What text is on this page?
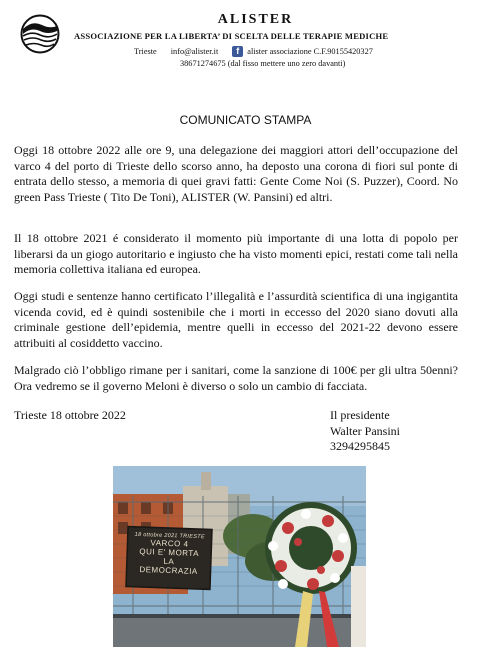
ALISTER
ASSOCIAZIONE PER LA LIBERTA’ DI SCELTA DELLE TERAPIE MEDICHE
Trieste info@alister.it	f alister associazione C.F.90155420327
38671274675 (dal fisso mettere uno zero davanti)
COMUNICATO STAMPA
Oggi 18 ottobre 2022 alle ore 9, una delegazione dei maggiori attori dell’occupazione del varco 4 del porto di Trieste dello scorso anno, ha deposto una corona di fiori sul ponte di entrata dello stesso, a memoria di quei gravi fatti: Gente Come Noi (S. Puzzer), Coord. No green Pass Trieste ( Tito De Toni), ALISTER (W. Pansini) ed altri.
Il 18 ottobre 2021 é considerato il momento più importante di una lotta di popolo per liberarsi da un giogo autoritario e ingiusto che ha visto momenti epici, restati come tali nella memoria collettiva italiana ed europea.
Oggi studi e sentenze hanno certificato l’illegalità e l’assurdità scientifica di una ingigantita vicenda covid, ed è quindi sostenibile che i morti in eccesso del 2020 siano dovuti alla criminale gestione dell’epidemia, mentre quelli in eccesso del 2021-22 devono essere attribuiti al cosiddetto vaccino.
Malgrado ciò l’obbligo rimane per i sanitari, come la sanzione di 100€ per gli ultra 50enni? Ora vedremo se il governo Meloni è diverso o solo un cambio di facciata.
Trieste 18 ottobre 2022	Il presidente
Walter Pansini
3294295845
18 ottobre 2021 TRIESTE
VARCO 4
QUI E' MORTA
LA
DEMOCRAZIA
